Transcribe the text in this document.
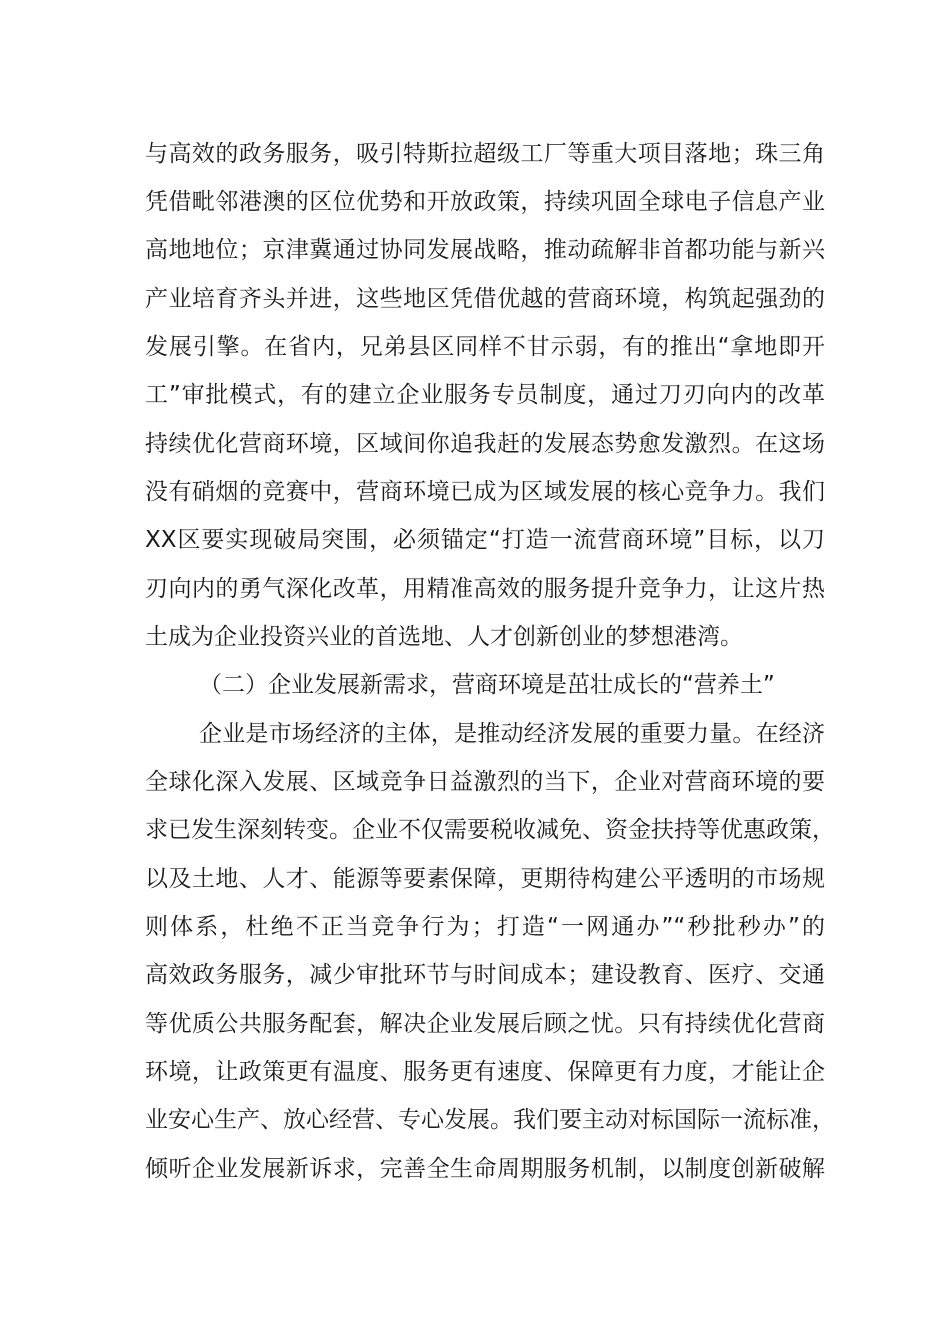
与高效的政务服务，吸引特斯拉超级工厂等重大项目落地；珠三角
凭借毗邻港澳的区位优势和开放政策，持续巩固全球电子信息产业
高地地位；京津冀通过协同发展战略，推动疏解非首都功能与新兴
产业培育齐头并进，这些地区凭借优越的营商环境，构筑起强劲的
发展引擎。在省内，兄弟县区同样不甘示弱，有的推出“拿地即开
工”审批模式，有的建立企业服务专员制度，通过刀刃向内的改革
持续优化营商环境，区域间你追我赶的发展态势愈发激烈。在这场
没有硝烟的竞赛中，营商环境已成为区域发展的核心竞争力。我们
XX区要实现破局突围，必须锚定“打造一流营商环境”目标，以刀
刃向内的勇气深化改革，用精准高效的服务提升竞争力，让这片热
土成为企业投资兴业的首选地、人才创新创业的梦想港湾。
（二）企业发展新需求，营商环境是茁壮成长的“营养土”
企业是市场经济的主体，是推动经济发展的重要力量。在经济
全球化深入发展、区域竞争日益激烈的当下，企业对营商环境的要
求已发生深刻转变。企业不仅需要税收减免、资金扶持等优惠政策，
以及土地、人才、能源等要素保障，更期待构建公平透明的市场规
则体系，杜绝不正当竞争行为；打造“一网通办”“秒批秒办”的
高效政务服务，减少审批环节与时间成本；建设教育、医疗、交通
等优质公共服务配套，解决企业发展后顾之忧。只有持续优化营商
环境，让政策更有温度、服务更有速度、保障更有力度，才能让企
业安心生产、放心经营、专心发展。我们要主动对标国际一流标准，
倾听企业发展新诉求，完善全生命周期服务机制，以制度创新破解
